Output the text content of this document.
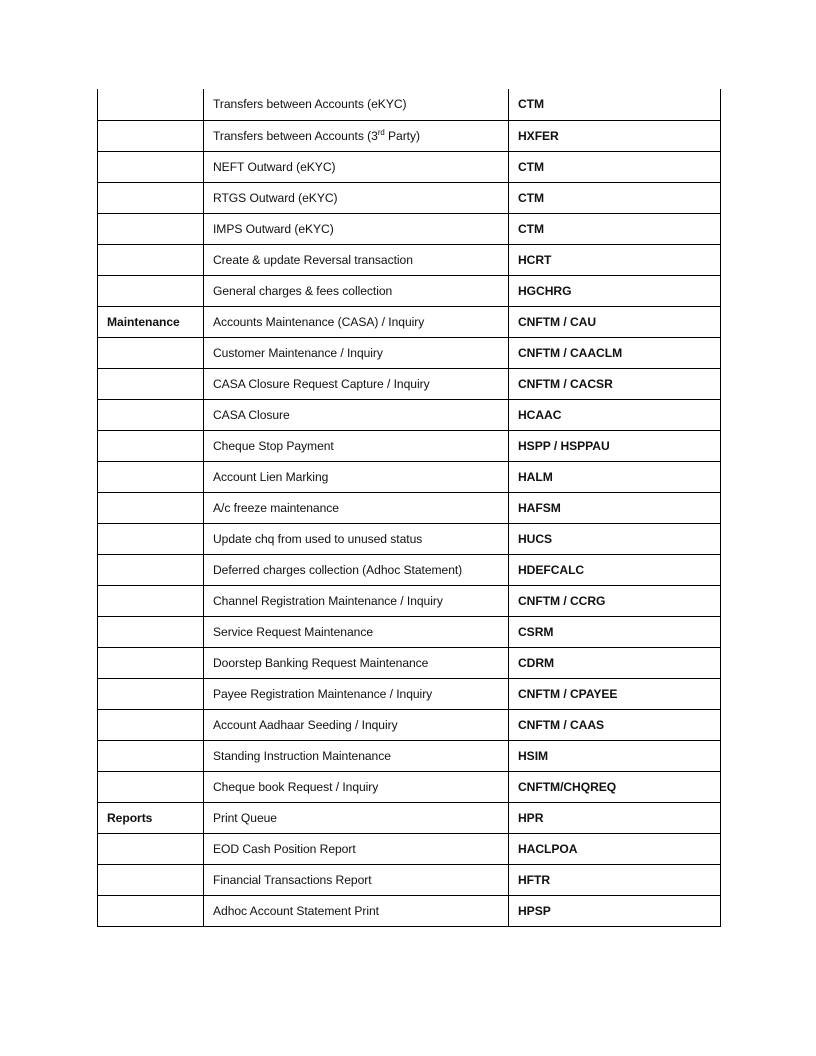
	Transfers between Accounts (eKYC)	CTM
	Transfers between Accounts (3rd Party)	HXFER
	NEFT Outward (eKYC)	CTM
	RTGS Outward (eKYC)	CTM
	IMPS Outward (eKYC)	CTM
	Create & update Reversal transaction	HCRT
	General charges & fees collection	HGCHRG
Maintenance	Accounts Maintenance (CASA) / Inquiry	CNFTM / CAU
	Customer Maintenance / Inquiry	CNFTM / CAACLM
	CASA Closure Request Capture / Inquiry	CNFTM / CACSR
	CASA Closure	HCAAC
	Cheque Stop Payment	HSPP / HSPPAU
	Account Lien Marking	HALM
	A/c freeze maintenance	HAFSM
	Update chq from used to unused status	HUCS
	Deferred charges collection (Adhoc Statement)	HDEFCALC
	Channel Registration Maintenance / Inquiry	CNFTM / CCRG
	Service Request Maintenance	CSRM
	Doorstep Banking Request Maintenance	CDRM
	Payee Registration Maintenance / Inquiry	CNFTM / CPAYEE
	Account Aadhaar Seeding / Inquiry	CNFTM / CAAS
	Standing Instruction Maintenance	HSIM
	Cheque book Request / Inquiry	CNFTM/CHQREQ
Reports	Print Queue	HPR
	EOD Cash Position Report	HACLPOA
	Financial Transactions Report	HFTR
	Adhoc Account Statement Print	HPSP
